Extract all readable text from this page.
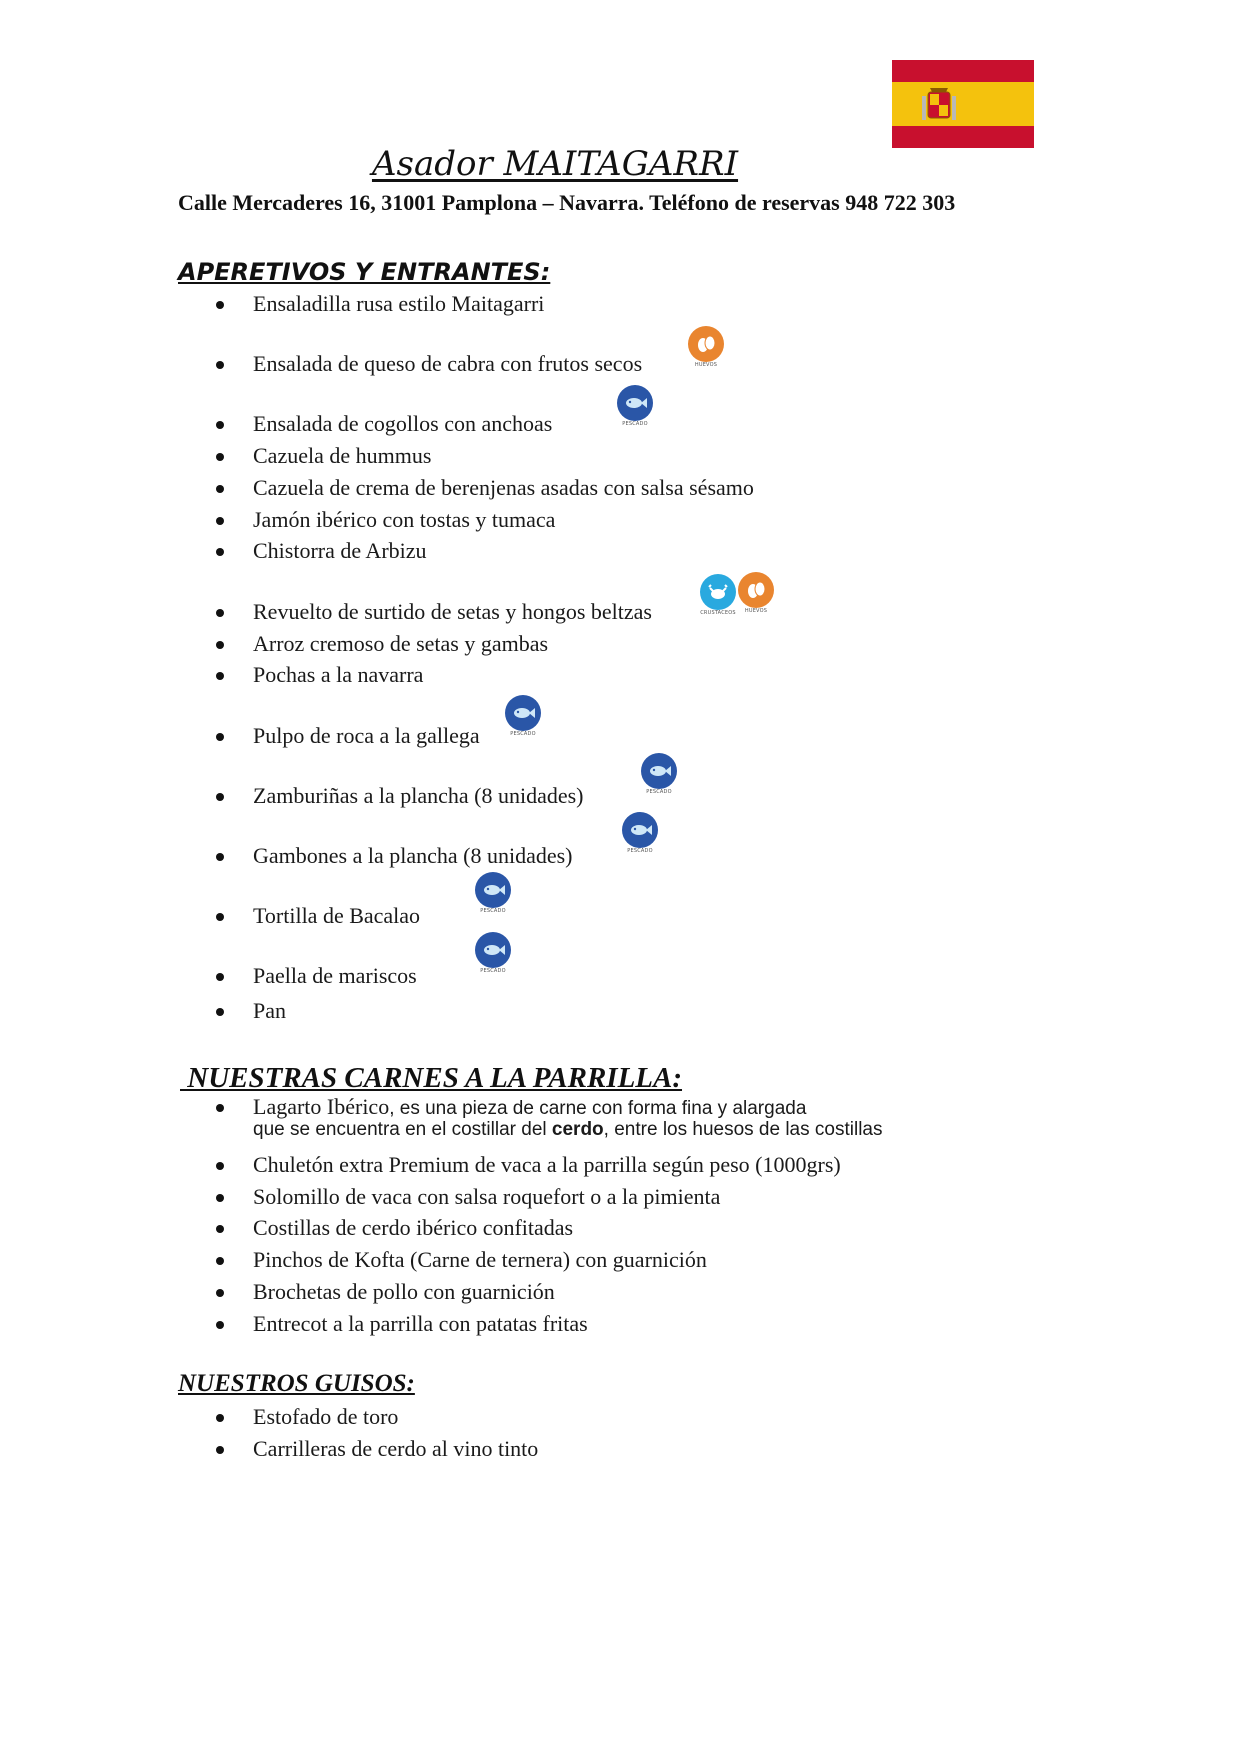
Asador MAITAGARRI
Calle Mercaderes 16, 31001 Pamplona – Navarra. Teléfono de reservas 948 722 303
APERETIVOS Y ENTRANTES:
Ensaladilla rusa estilo Maitagarri
Ensalada de queso de cabra con frutos secos
Ensalada de cogollos con anchoas
Cazuela de hummus
Cazuela de crema de berenjenas asadas con salsa sésamo
Jamón ibérico con tostas y tumaca
Chistorra de Arbizu
Revuelto de surtido de setas y hongos beltzas
Arroz cremoso de setas y gambas
Pochas a la navarra
Pulpo de roca a la gallega
Zamburiñas a la plancha (8 unidades)
Gambones a la plancha (8 unidades)
Tortilla de Bacalao
Paella de mariscos
Pan
HUEVOS
PESCADO
CRUSTACEOS	HUEVOS
PESCADO
PESCADO
PESCADO
PESCADO
PESCADO
NUESTRAS CARNES A LA PARRILLA:
Lagarto Ibérico, es una pieza de carne con forma fina y alargada
que se encuentra en el costillar del cerdo, entre los huesos de las costillas
Chuletón extra Premium de vaca a la parrilla según peso (1000grs)
Solomillo de vaca con salsa roquefort o a la pimienta
Costillas de cerdo ibérico confitadas
Pinchos de Kofta (Carne de ternera) con guarnición
Brochetas de pollo con guarnición
Entrecot a la parrilla con patatas fritas
NUESTROS GUISOS:
Estofado de toro
Carrilleras de cerdo al vino tinto
